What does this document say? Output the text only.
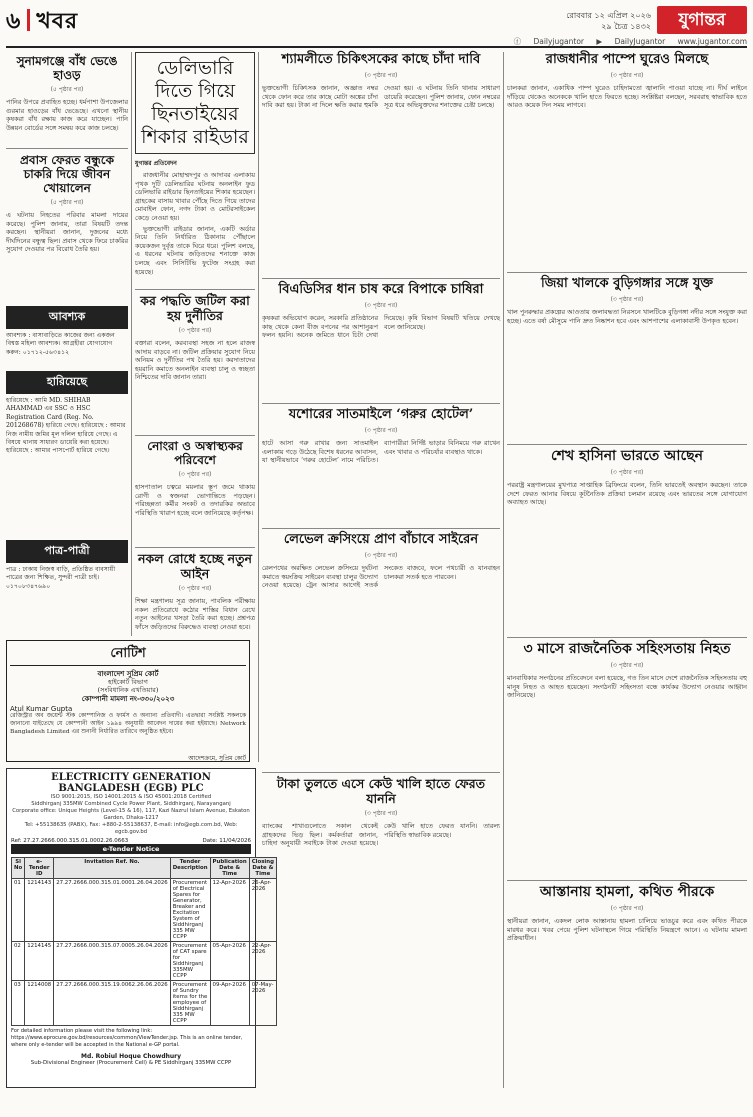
৬ খবর	রোববার ১২ এপ্রিল ২০২৬
২৯ চৈত্র ১৪৩২	যুগান্তর
ⓕ Dailyjugantor ▶ DailyJugantor www.jugantor.com
সুনামগঞ্জে বাঁধ ভেঙে হাওড়
(৫ পৃষ্ঠার পর)
পানির উপরে প্রবাহিত হচ্ছে। ধর্মপাশা উপজেলার গুরমার হাওড়ের বাঁধ ভেঙেছে। এখনো স্থানীয় কৃষকরা বাঁধ রক্ষায় কাজ করে যাচ্ছেন। পানি উন্নয়ন বোর্ডের সঙ্গে সমন্বয় করে কাজ চলছে।
প্রবাস ফেরত বন্ধুকে চাকরি দিয়ে জীবন খোয়ালেন
(৫ পৃষ্ঠার পর)
এ ঘটনায় নিহতের পরিবার মামলা দায়ের করেছে। পুলিশ জানায়, তারা বিষয়টি তদন্ত করছেন। স্থানীয়রা জানান, দুজনের মধ্যে দীর্ঘদিনের বন্ধুত্ব ছিল। প্রবাস থেকে ফিরে চাকরির সুযোগ দেওয়ার পর বিরোধ তৈরি হয়।
আবশ্যক
আবশ্যক : বাসাবাড়িতে কাজের জন্য একজন বিশ্বস্ত মহিলা আবশ্যক। আগ্রহীরা যোগাযোগ করুন: ০১৭১২-৫৬৩৪১২
হারিয়েছে
হারিয়েছে : আমি MD. SHIHAB AHAMMAD এর SSC ও HSC Registration Card (Reg. No. 201268678) হারিয়ে গেছে। হারিয়েছে : আমার নিজ নামীয় জমির মূল দলিল হারিয়ে গেছে। এ বিষয়ে থানায় সাধারণ ডায়েরি করা হয়েছে। হারিয়েছে : আমার পাসপোর্ট হারিয়ে গেছে।
পাত্র-পাত্রী
পাত্র : ঢাকায় নিজস্ব বাড়ি, প্রতিষ্ঠিত ব্যবসায়ী পাত্রের জন্য শিক্ষিত, সুন্দরী পাত্রী চাই। ০১৭০৮৩৪৭৬৯০
নোটিশ
বাংলাদেশ সুপ্রিম কোর্ট
হাইকোর্ট বিভাগ
(সংবিধানিক এখতিয়ার)
কোম্পানী মামলা নং-৩৩০/২০২৩
Atul Kumar Gupta
রেজিস্ট্রার অব জয়েন্ট স্টক কোম্পানিজ ও ফার্মস ও অন্যান্য প্রতিবাদী। এতদ্বারা সংশ্লিষ্ট সকলকে জানানো যাইতেছে যে কোম্পানী আইন ১৯৯৪ অনুযায়ী আবেদন দায়ের করা হইয়াছে। Network Bangladesh Limited এর শুনানী নির্ধারিত তারিখে অনুষ্ঠিত হইবে।
আদেশক্রমে, সুপ্রিম কোর্ট
ডেলিভারি দিতে গিয়ে ছিনতাইয়ের শিকার রাইডার
যুগান্তর প্রতিবেদন

রাজধানীর মোহাম্মদপুর ও আদাবর এলাকায় পৃথক দুটি ডেলিভারির ঘটনায় অনলাইন ফুড ডেলিভারি রাইডার ছিনতাইয়ের শিকার হয়েছেন। গ্রাহকের বাসায় খাবার পৌঁছে দিতে গিয়ে তাদের মোবাইল ফোন, নগদ টাকা ও মোটরসাইকেল কেড়ে নেওয়া হয়।

ভুক্তভোগী রাইডার জানান, একটি অর্ডার নিয়ে তিনি নির্ধারিত ঠিকানায় পৌঁছালে কয়েকজন দুর্বৃত্ত তাকে ঘিরে ধরে। পুলিশ বলছে, এ ধরনের ঘটনায় জড়িতদের শনাক্তে কাজ চলছে এবং সিসিটিভি ফুটেজ সংগ্রহ করা হয়েছে।

কর পদ্ধতি জটিল করা হয় দুর্নীতির
(৩ পৃষ্ঠার পর)
বক্তারা বলেন, করব্যবস্থা সহজ না হলে রাজস্ব আদায় বাড়বে না। জটিল প্রক্রিয়ার সুযোগ নিয়ে অনিয়ম ও দুর্নীতির পথ তৈরি হয়। করদাতাদের হয়রানি কমাতে অনলাইন ব্যবস্থা চালু ও স্বচ্ছতা নিশ্চিতের দাবি জানান তারা।
নোংরা ও অস্বাস্থ্যকর পরিবেশে
(৩ পৃষ্ঠার পর)
হাসপাতাল চত্বরে ময়লার স্তূপ জমে থাকায় রোগী ও স্বজনরা ভোগান্তিতে পড়ছেন। পরিচ্ছন্নতা কর্মীর সংকট ও তদারকির অভাবে পরিস্থিতি খারাপ হচ্ছে বলে জানিয়েছে কর্তৃপক্ষ।
নকল রোধে হচ্ছে নতুন আইন
(৩ পৃষ্ঠার পর)
শিক্ষা মন্ত্রণালয় সূত্র জানায়, পাবলিক পরীক্ষায় নকল প্রতিরোধে কঠোর শাস্তির বিধান রেখে নতুন আইনের খসড়া তৈরি করা হচ্ছে। প্রশ্নপত্র ফাঁসে জড়িতদের বিরুদ্ধেও ব্যবস্থা নেওয়া হবে।
শ্যামলীতে চিকিৎসকের কাছে চাঁদা দাবি
(৩ পৃষ্ঠার পর)
ভুক্তভোগী চিকিৎসক জানান, অজ্ঞাত নম্বর থেকে ফোন করে তার কাছে মোটা অঙ্কের চাঁদা দাবি করা হয়। টাকা না দিলে ক্ষতি করার হুমকি দেওয়া হয়। এ ঘটনায় তিনি থানায় সাধারণ ডায়েরি করেছেন। পুলিশ জানায়, ফোন নম্বরের সূত্র ধরে অভিযুক্তদের শনাক্তের চেষ্টা চলছে।
বিএডিসির ধান চাষ করে বিপাকে চাষিরা
(৩ পৃষ্ঠার পর)
কৃষকরা অভিযোগ করেন, সরকারি প্রতিষ্ঠানের কাছ থেকে কেনা বীজ বপনের পর আশানুরূপ ফলন হয়নি। অনেক জমিতে ধানে চিটা দেখা দিয়েছে। কৃষি বিভাগ বিষয়টি খতিয়ে দেখছে বলে জানিয়েছে।
যশোরের সাতমাইলে ‘গরুর হোটেল’
(৩ পৃষ্ঠার পর)
হাটে আসা গরু রাখার জন্য সাতমাইল এলাকায় গড়ে উঠেছে বিশেষ ধরনের আবাসন, যা স্থানীয়ভাবে ‘গরুর হোটেল’ নামে পরিচিত। ব্যাপারীরা নির্দিষ্ট ভাড়ার বিনিময়ে গরু রাখেন এবং খাবার ও পরিচর্যার ব্যবস্থাও থাকে।
লেভেল ক্রসিংয়ে প্রাণ বাঁচাবে সাইরেন
(৩ পৃষ্ঠার পর)
রেলপথের অরক্ষিত লেভেল ক্রসিংয়ে দুর্ঘটনা কমাতে স্বয়ংক্রিয় সাইরেন ব্যবস্থা চালুর উদ্যোগ নেওয়া হয়েছে। ট্রেন আসার আগেই সতর্ক সংকেত বাজবে, ফলে পথচারী ও যানবাহন চালকরা সতর্ক হতে পারবেন।
টাকা তুলতে এসে কেউ খালি হাতে ফেরত যাননি
(৩ পৃষ্ঠার পর)
ব্যাংকের শাখাগুলোতে সকাল থেকেই গ্রাহকদের ভিড় ছিল। কর্মকর্তারা জানান, চাহিদা অনুযায়ী সবাইকে টাকা দেওয়া হয়েছে। কেউ খালি হাতে ফেরত যাননি। তারল্য পরিস্থিতি স্বাভাবিক রয়েছে।
রাজধানীর পাম্পে ঘুরেও মিলছে
(৩ পৃষ্ঠার পর)
চালকরা জানান, একাধিক পাম্প ঘুরেও চাহিদামতো জ্বালানি পাওয়া যাচ্ছে না। দীর্ঘ লাইনে দাঁড়িয়ে থেকেও অনেককে খালি হাতে ফিরতে হচ্ছে। সংশ্লিষ্টরা বলছেন, সরবরাহ স্বাভাবিক হতে আরও কয়েক দিন সময় লাগবে।
জিয়া খালকে বুড়িগঙ্গার সঙ্গে যুক্ত
(৩ পৃষ্ঠার পর)
খাল পুনরুদ্ধার প্রকল্পের আওতায় জলাবদ্ধতা নিরসনে খালটিকে বুড়িগঙ্গা নদীর সঙ্গে সংযুক্ত করা হচ্ছে। এতে বর্ষা মৌসুমে পানি দ্রুত নিষ্কাশন হবে এবং আশপাশের এলাকাবাসী উপকৃত হবেন।
শেখ হাসিনা ভারতে আছেন
(৩ পৃষ্ঠার পর)
পররাষ্ট্র মন্ত্রণালয়ের মুখপাত্র সাপ্তাহিক ব্রিফিংয়ে বলেন, তিনি ভারতেই অবস্থান করছেন। তাকে দেশে ফেরত আনার বিষয়ে কূটনৈতিক প্রক্রিয়া চলমান রয়েছে এবং ভারতের সঙ্গে যোগাযোগ অব্যাহত আছে।
৩ মাসে রাজনৈতিক সহিংসতায় নিহত
(৩ পৃষ্ঠার পর)
মানবাধিকার সংগঠনের প্রতিবেদনে বলা হয়েছে, গত তিন মাসে দেশে রাজনৈতিক সহিংসতায় বহু মানুষ নিহত ও আহত হয়েছেন। সংগঠনটি সহিংসতা বন্ধে কার্যকর উদ্যোগ নেওয়ার আহ্বান জানিয়েছে।
আস্তানায় হামলা, কথিত পীরকে
(৩ পৃষ্ঠার পর)
স্থানীয়রা জানান, একদল লোক আস্তানায় হামলা চালিয়ে ভাঙচুর করে এবং কথিত পীরকে মারধর করে। খবর পেয়ে পুলিশ ঘটনাস্থলে গিয়ে পরিস্থিতি নিয়ন্ত্রণে আনে। এ ঘটনায় মামলা প্রক্রিয়াধীন।
ELECTRICITY GENERATION BANGLADESH (EGB) PLC
ISO 9001:2015, ISO 14001:2015 & ISO 45001:2018 Certified
Siddhirganj 335MW Combined Cycle Power Plant, Siddhirganj, Narayanganj
Corporate office: Unique Heights (Level-15 & 16), 117, Kazi Nazrul Islam Avenue, Eskaton Garden, Dhaka-1217
Tel: +55138635 (PABX), Fax: +880-2-55138637, E-mail: info@egb.com.bd, Web: egcb.gov.bd
Ref: 27.27.2666.000.315.01.0002.26.0663	Date: 11/04/2026
e-Tender Notice
Sl No	e-Tender ID	Invitation Ref. No.	Tender Description	Publication Date & Time	Closing Date & Time
01	1214143	27.27.2666.000.315.01.0001.26.04.2026	Procurement of Electrical Spares for Generator, Breaker and Excitation System of Siddhirganj 335 MW CCPP	12-Apr-2026	26-Apr-2026
02	1214145	27.27.2666.000.315.07.0005.26.04.2026	Procurement of CAT spare for Siddhirganj 335MW CCPP	05-Apr-2026	22-Apr-2026
03	1214008	27.27.2666.000.315.19.0062.26.06.2026	Procurement of Sundry items for the employee of Siddhirganj 335 MW CCPP	09-Apr-2026	07-May-2026
For detailed information please visit the following link: https://www.eprocure.gov.bd/resources/common/ViewTender.jsp. This is an online tender, where only e-tender will be accepted in the National e-GP portal.
Md. Robiul Hoque Chowdhury
Sub-Divisional Engineer (Procurement Cell) & PE Siddhirganj 335MW CCPP
